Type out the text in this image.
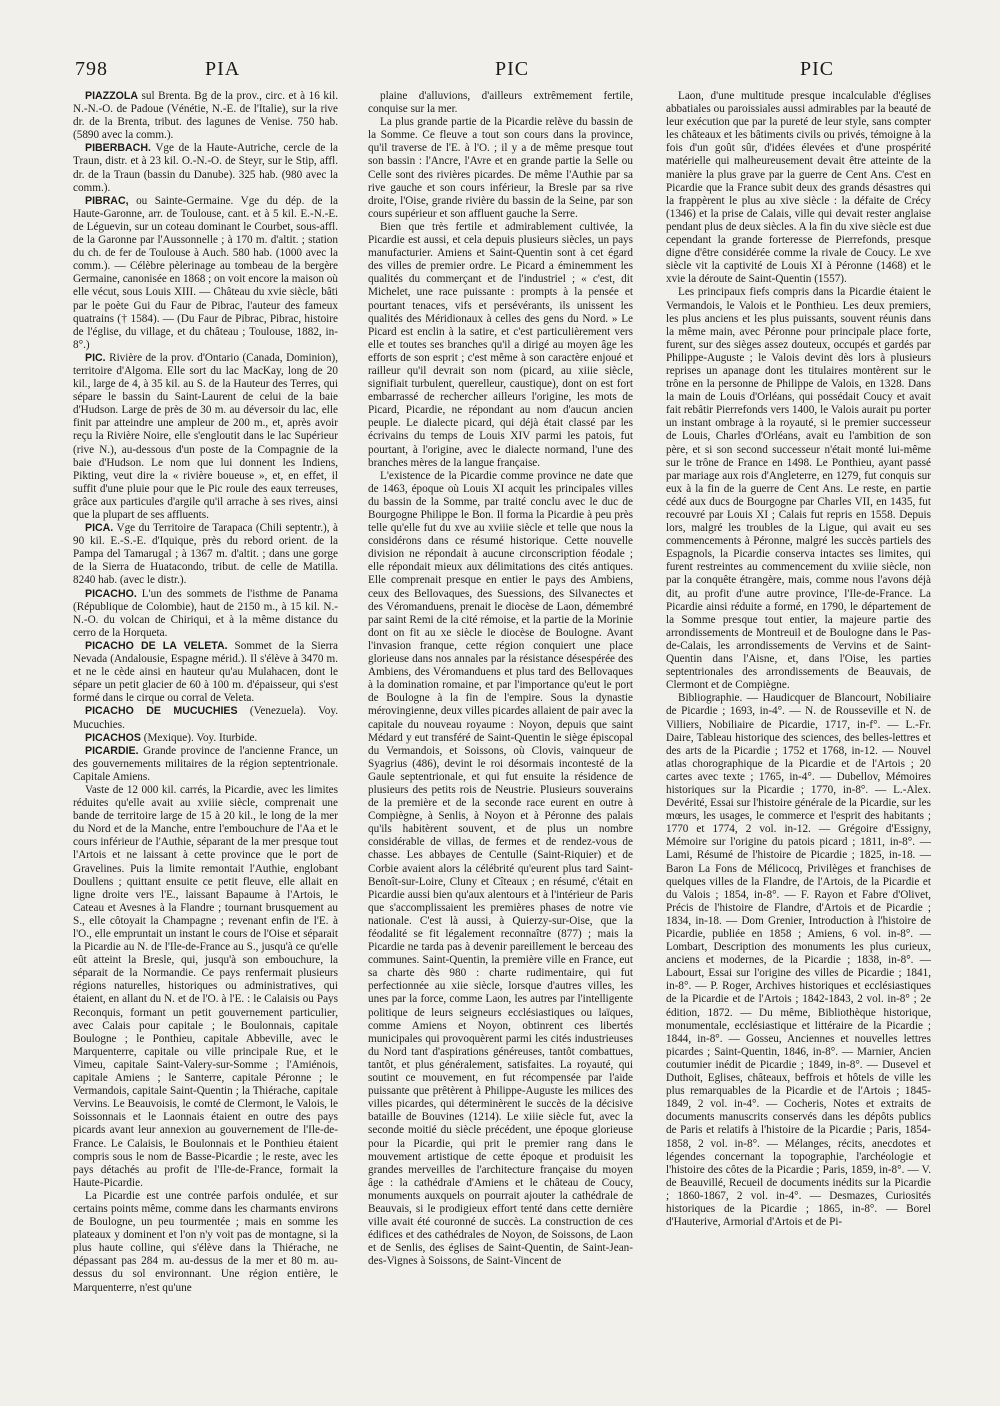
798	PIA	PIC	PIC

PIAZZOLA sul Brenta. Bg de la prov., circ. et à 16 kil. N.-N.-O. de Padoue (Vénétie, N.-E. de l'Italie), sur la rive dr. de la Brenta, tribut. des lagunes de Venise. 750 hab. (5890 avec la comm.).

PIBERBACH. Vge de la Haute-Autriche, cercle de la Traun, distr. et à 23 kil. O.-N.-O. de Steyr, sur le Stip, affl. dr. de la Traun (bassin du Danube). 325 hab. (980 avec la comm.).

PIBRAC, ou Sainte-Germaine. Vge du dép. de la Haute-Garonne, arr. de Toulouse, cant. et à 5 kil. E.-N.-E. de Léguevin, sur un coteau dominant le Courbet, sous-affl. de la Garonne par l'Aussonnelle ; à 170 m. d'altit. ; station du ch. de fer de Toulouse à Auch. 580 hab. (1000 avec la comm.). — Célèbre pèlerinage au tombeau de la bergère Germaine, canonisée en 1868 ; on voit encore la maison où elle vécut, sous Louis XIII. — Château du xvie siècle, bâti par le poète Gui du Faur de Pibrac, l'auteur des fameux quatrains († 1584). — (Du Faur de Pibrac, Pibrac, histoire de l'église, du village, et du château ; Toulouse, 1882, in-8°.)

PIC. Rivière de la prov. d'Ontario (Canada, Dominion), territoire d'Algoma. Elle sort du lac MacKay, long de 20 kil., large de 4, à 35 kil. au S. de la Hauteur des Terres, qui sépare le bassin du Saint-Laurent de celui de la baie d'Hudson. Large de près de 30 m. au déversoir du lac, elle finit par atteindre une ampleur de 200 m., et, après avoir reçu la Rivière Noire, elle s'engloutit dans le lac Supérieur (rive N.), au-dessous d'un poste de la Compagnie de la baie d'Hudson. Le nom que lui donnent les Indiens, Pikting, veut dire la « rivière boueuse », et, en effet, il suffit d'une pluie pour que le Pic roule des eaux terreuses, grâce aux particules d'argile qu'il arrache à ses rives, ainsi que la plupart de ses affluents.

PICA. Vge du Territoire de Tarapaca (Chili septentr.), à 90 kil. E.-S.-E. d'Iquique, près du rebord orient. de la Pampa del Tamarugal ; à 1367 m. d'altit. ; dans une gorge de la Sierra de Huatacondo, tribut. de celle de Matilla. 8240 hab. (avec le distr.).

PICACHO. L'un des sommets de l'isthme de Panama (République de Colombie), haut de 2150 m., à 15 kil. N.-N.-O. du volcan de Chiriqui, et à la même distance du cerro de la Horqueta.

PICACHO DE LA VELETA. Sommet de la Sierra Nevada (Andalousie, Espagne mérid.). Il s'élève à 3470 m. et ne le cède ainsi en hauteur qu'au Mulahacen, dont le sépare un petit glacier de 60 à 100 m. d'épaisseur, qui s'est formé dans le cirque ou corral de Veleta.

PICACHO DE MUCUCHIES (Venezuela). Voy. Mucuchies.

PICACHOS (Mexique). Voy. Iturbide.

PICARDIE. Grande province de l'ancienne France, un des gouvernements militaires de la région septentrionale. Capitale Amiens.

Vaste de 12 000 kil. carrés, la Picardie, avec les limites réduites qu'elle avait au xviiie siècle, comprenait une bande de territoire large de 15 à 20 kil., le long de la mer du Nord et de la Manche, entre l'embouchure de l'Aa et le cours inférieur de l'Authie, séparant de la mer presque tout l'Artois et ne laissant à cette province que le port de Gravelines. Puis la limite remontait l'Authie, englobant Doullens ; quittant ensuite ce petit fleuve, elle allait en ligne droite vers l'E., laissant Bapaume à l'Artois, le Cateau et Avesnes à la Flandre ; tournant brusquement au S., elle côtoyait la Champagne ; revenant enfin de l'E. à l'O., elle empruntait un instant le cours de l'Oise et séparait la Picardie au N. de l'Ile-de-France au S., jusqu'à ce qu'elle eût atteint la Bresle, qui, jusqu'à son embouchure, la séparait de la Normandie. Ce pays renfermait plusieurs régions naturelles, historiques ou administratives, qui étaient, en allant du N. et de l'O. à l'E. : le Calaisis ou Pays Reconquis, formant un petit gouvernement particulier, avec Calais pour capitale ; le Boulonnais, capitale Boulogne ; le Ponthieu, capitale Abbeville, avec le Marquenterre, capitale ou ville principale Rue, et le Vimeu, capitale Saint-Valery-sur-Somme ; l'Amiénois, capitale Amiens ; le Santerre, capitale Péronne ; le Vermandois, capitale Saint-Quentin ; la Thiérache, capitale Vervins. Le Beauvoisis, le comté de Clermont, le Valois, le Soissonnais et le Laonnais étaient en outre des pays picards avant leur annexion au gouvernement de l'Ile-de-France. Le Calaisis, le Boulonnais et le Ponthieu étaient compris sous le nom de Basse-Picardie ; le reste, avec les pays détachés au profit de l'Ile-de-France, formait la Haute-Picardie.

La Picardie est une contrée parfois ondulée, et sur certains points même, comme dans les charmants environs de Boulogne, un peu tourmentée ; mais en somme les plateaux y dominent et l'on n'y voit pas de montagne, si la plus haute colline, qui s'élève dans la Thiérache, ne dépassant pas 284 m. au-dessus de la mer et 80 m. au-dessus du sol environnant. Une région entière, le Marquenterre, n'est qu'une

plaine d'alluvions, d'ailleurs extrêmement fertile, conquise sur la mer.

La plus grande partie de la Picardie relève du bassin de la Somme. Ce fleuve a tout son cours dans la province, qu'il traverse de l'E. à l'O. ; il y a de même presque tout son bassin : l'Ancre, l'Avre et en grande partie la Selle ou Celle sont des rivières picardes. De même l'Authie par sa rive gauche et son cours inférieur, la Bresle par sa rive droite, l'Oise, grande rivière du bassin de la Seine, par son cours supérieur et son affluent gauche la Serre.

Bien que très fertile et admirablement cultivée, la Picardie est aussi, et cela depuis plusieurs siècles, un pays manufacturier. Amiens et Saint-Quentin sont à cet égard des villes de premier ordre. Le Picard a éminemment les qualités du commerçant et de l'industriel ; « c'est, dit Michelet, une race puissante : prompts à la pensée et pourtant tenaces, vifs et persévérants, ils unissent les qualités des Méridionaux à celles des gens du Nord. » Le Picard est enclin à la satire, et c'est particulièrement vers elle et toutes ses branches qu'il a dirigé au moyen âge les efforts de son esprit ; c'est même à son caractère enjoué et railleur qu'il devrait son nom (picard, au xiiie siècle, signifiait turbulent, querelleur, caustique), dont on est fort embarrassé de rechercher ailleurs l'origine, les mots de Picard, Picardie, ne répondant au nom d'aucun ancien peuple. Le dialecte picard, qui déjà était classé par les écrivains du temps de Louis XIV parmi les patois, fut pourtant, à l'origine, avec le dialecte normand, l'une des branches mères de la langue française.

L'existence de la Picardie comme province ne date que de 1463, époque où Louis XI acquit les principales villes du bassin de la Somme, par traité conclu avec le duc de Bourgogne Philippe le Bon. Il forma la Picardie à peu près telle qu'elle fut du xve au xviiie siècle et telle que nous la considérons dans ce résumé historique. Cette nouvelle division ne répondait à aucune circonscription féodale ; elle répondait mieux aux délimitations des cités antiques. Elle comprenait presque en entier le pays des Ambiens, ceux des Bellovaques, des Suessions, des Silvanectes et des Véromanduens, prenait le diocèse de Laon, démembré par saint Remi de la cité rémoise, et la partie de la Morinie dont on fit au xe siècle le diocèse de Boulogne. Avant l'invasion franque, cette région conquiert une place glorieuse dans nos annales par la résistance désespérée des Ambiens, des Véromanduens et plus tard des Bellovaques à la domination romaine, et par l'importance qu'eut le port de Boulogne à la fin de l'empire. Sous la dynastie mérovingienne, deux villes picardes allaient de pair avec la capitale du nouveau royaume : Noyon, depuis que saint Médard y eut transféré de Saint-Quentin le siège épiscopal du Vermandois, et Soissons, où Clovis, vainqueur de Syagrius (486), devint le roi désormais incontesté de la Gaule septentrionale, et qui fut ensuite la résidence de plusieurs des petits rois de Neustrie. Plusieurs souverains de la première et de la seconde race eurent en outre à Compiègne, à Senlis, à Noyon et à Péronne des palais qu'ils habitèrent souvent, et de plus un nombre considérable de villas, de fermes et de rendez-vous de chasse. Les abbayes de Centulle (Saint-Riquier) et de Corbie avaient alors la célébrité qu'eurent plus tard Saint-Benoît-sur-Loire, Cluny et Cîteaux ; en résumé, c'était en Picardie aussi bien qu'aux alentours et à l'intérieur de Paris que s'accomplissaient les premières phases de notre vie nationale. C'est là aussi, à Quierzy-sur-Oise, que la féodalité se fit légalement reconnaître (877) ; mais la Picardie ne tarda pas à devenir pareillement le berceau des communes. Saint-Quentin, la première ville en France, eut sa charte dès 980 : charte rudimentaire, qui fut perfectionnée au xiie siècle, lorsque d'autres villes, les unes par la force, comme Laon, les autres par l'intelligente politique de leurs seigneurs ecclésiastiques ou laïques, comme Amiens et Noyon, obtinrent ces libertés municipales qui provoquèrent parmi les cités industrieuses du Nord tant d'aspirations généreuses, tantôt combattues, tantôt, et plus généralement, satisfaites. La royauté, qui soutint ce mouvement, en fut récompensée par l'aide puissante que prêtèrent à Philippe-Auguste les milices des villes picardes, qui déterminèrent le succès de la décisive bataille de Bouvines (1214). Le xiiie siècle fut, avec la seconde moitié du siècle précédent, une époque glorieuse pour la Picardie, qui prit le premier rang dans le mouvement artistique de cette époque et produisit les grandes merveilles de l'architecture française du moyen âge : la cathédrale d'Amiens et le château de Coucy, monuments auxquels on pourrait ajouter la cathédrale de Beauvais, si le prodigieux effort tenté dans cette dernière ville avait été couronné de succès. La construction de ces édifices et des cathédrales de Noyon, de Soissons, de Laon et de Senlis, des églises de Saint-Quentin, de Saint-Jean-des-Vignes à Soissons, de Saint-Vincent de

Laon, d'une multitude presque incalculable d'églises abbatiales ou paroissiales aussi admirables par la beauté de leur exécution que par la pureté de leur style, sans compter les châteaux et les bâtiments civils ou privés, témoigne à la fois d'un goût sûr, d'idées élevées et d'une prospérité matérielle qui malheureusement devait être atteinte de la manière la plus grave par la guerre de Cent Ans. C'est en Picardie que la France subit deux des grands désastres qui la frappèrent le plus au xive siècle : la défaite de Crécy (1346) et la prise de Calais, ville qui devait rester anglaise pendant plus de deux siècles. A la fin du xive siècle est due cependant la grande forteresse de Pierrefonds, presque digne d'être considérée comme la rivale de Coucy. Le xve siècle vit la captivité de Louis XI à Péronne (1468) et le xvie la déroute de Saint-Quentin (1557).

Les principaux fiefs compris dans la Picardie étaient le Vermandois, le Valois et le Ponthieu. Les deux premiers, les plus anciens et les plus puissants, souvent réunis dans la même main, avec Péronne pour principale place forte, furent, sur des sièges assez douteux, occupés et gardés par Philippe-Auguste ; le Valois devint dès lors à plusieurs reprises un apanage dont les titulaires montèrent sur le trône en la personne de Philippe de Valois, en 1328. Dans la main de Louis d'Orléans, qui possédait Coucy et avait fait rebâtir Pierrefonds vers 1400, le Valois aurait pu porter un instant ombrage à la royauté, si le premier successeur de Louis, Charles d'Orléans, avait eu l'ambition de son père, et si son second successeur n'était monté lui-même sur le trône de France en 1498. Le Ponthieu, ayant passé par mariage aux rois d'Angleterre, en 1279, fut conquis sur eux à la fin de la guerre de Cent Ans. Le reste, en partie cédé aux ducs de Bourgogne par Charles VII, en 1435, fut recouvré par Louis XI ; Calais fut repris en 1558. Depuis lors, malgré les troubles de la Ligue, qui avait eu ses commencements à Péronne, malgré les succès partiels des Espagnols, la Picardie conserva intactes ses limites, qui furent restreintes au commencement du xviiie siècle, non par la conquête étrangère, mais, comme nous l'avons déjà dit, au profit d'une autre province, l'Ile-de-France. La Picardie ainsi réduite a formé, en 1790, le département de la Somme presque tout entier, la majeure partie des arrondissements de Montreuil et de Boulogne dans le Pas-de-Calais, les arrondissements de Vervins et de Saint-Quentin dans l'Aisne, et, dans l'Oise, les parties septentrionales des arrondissements de Beauvais, de Clermont et de Compiègne.

Bibliographie. — Haudicquer de Blancourt, Nobiliaire de Picardie ; 1693, in-4°. — N. de Rousseville et N. de Villiers, Nobiliaire de Picardie, 1717, in-f°. — L.-Fr. Daire, Tableau historique des sciences, des belles-lettres et des arts de la Picardie ; 1752 et 1768, in-12. — Nouvel atlas chorographique de la Picardie et de l'Artois ; 20 cartes avec texte ; 1765, in-4°. — Dubellov, Mémoires historiques sur la Picardie ; 1770, in-8°. — L.-Alex. Devérité, Essai sur l'histoire générale de la Picardie, sur les mœurs, les usages, le commerce et l'esprit des habitants ; 1770 et 1774, 2 vol. in-12. — Grégoire d'Essigny, Mémoire sur l'origine du patois picard ; 1811, in-8°. — Lami, Résumé de l'histoire de Picardie ; 1825, in-18. — Baron La Fons de Mélicocq, Privilèges et franchises de quelques villes de la Flandre, de l'Artois, de la Picardie et du Valois ; 1854, in-8°. — F. Rayon et Fabre d'Olivet, Précis de l'histoire de Flandre, d'Artois et de Picardie ; 1834, in-18. — Dom Grenier, Introduction à l'histoire de Picardie, publiée en 1858 ; Amiens, 6 vol. in-8°. — Lombart, Description des monuments les plus curieux, anciens et modernes, de la Picardie ; 1838, in-8°. — Labourt, Essai sur l'origine des villes de Picardie ; 1841, in-8°. — P. Roger, Archives historiques et ecclésiastiques de la Picardie et de l'Artois ; 1842-1843, 2 vol. in-8° ; 2e édition, 1872. — Du même, Bibliothèque historique, monumentale, ecclésiastique et littéraire de la Picardie ; 1844, in-8°. — Gosseu, Anciennes et nouvelles lettres picardes ; Saint-Quentin, 1846, in-8°. — Marnier, Ancien coutumier inédit de Picardie ; 1849, in-8°. — Dusevel et Duthoit, Eglises, châteaux, beffrois et hôtels de ville les plus remarquables de la Picardie et de l'Artois ; 1845-1849, 2 vol. in-4°. — Cocheris, Notes et extraits de documents manuscrits conservés dans les dépôts publics de Paris et relatifs à l'histoire de la Picardie ; Paris, 1854-1858, 2 vol. in-8°. — Mélanges, récits, anecdotes et légendes concernant la topographie, l'archéologie et l'histoire des côtes de la Picardie ; Paris, 1859, in-8°. — V. de Beauvillé, Recueil de documents inédits sur la Picardie ; 1860-1867, 2 vol. in-4°. — Desmazes, Curiosités historiques de la Picardie ; 1865, in-8°. — Borel d'Hauterive, Armorial d'Artois et de Pi-
